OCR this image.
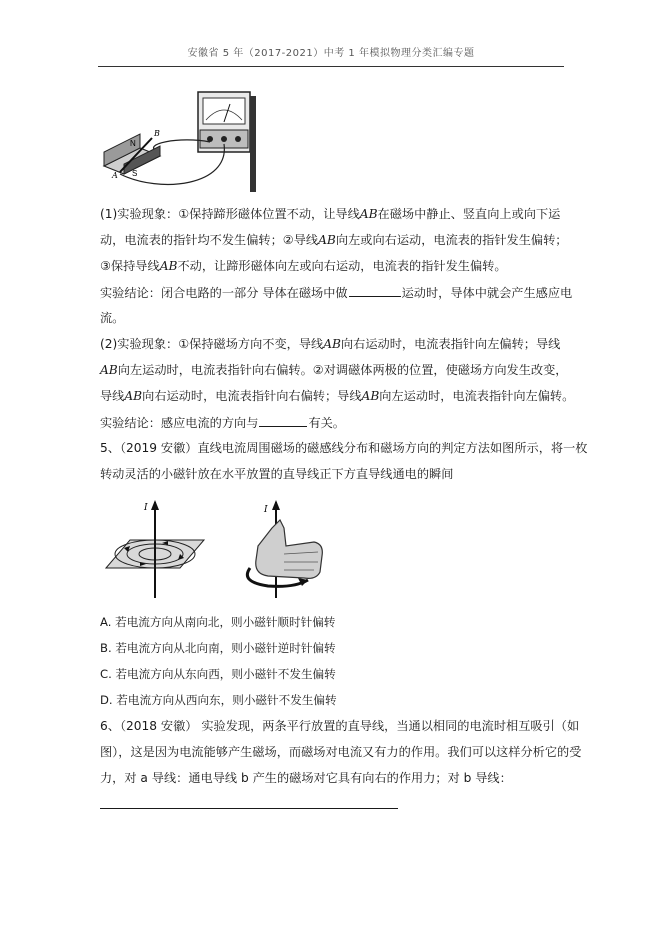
安徽省 5 年（2017-2021）中考 1 年模拟物理分类汇编专题
N
S
A
B
(1)实验现象：①保持蹄形磁体位置不动，让导线AB在磁场中静止、竖直向上或向下运
动，电流表的指针均不发生偏转；②导线AB向左或向右运动，电流表的指针发生偏转；
③保持导线AB不动，让蹄形磁体向左或向右运动，电流表的指针发生偏转。
实验结论：闭合电路的一部分 导体在磁场中做	运动时，导体中就会产生感应电
流。
(2)实验现象：①保持磁场方向不变，导线AB向右运动时，电流表指针向左偏转；导线
AB向左运动时，电流表指针向右偏转。②对调磁体两极的位置，使磁场方向发生改变，
导线AB向右运动时，电流表指针向右偏转；导线AB向左运动时，电流表指针向左偏转。
实验结论：感应电流的方向与	有关。
5、（2019 安徽）直线电流周围磁场的磁感线分布和磁场方向的判定方法如图所示，将一枚
转动灵活的小磁针放在水平放置的直导线正下方直导线通电的瞬间
I	I
A. 若电流方向从南向北，则小磁针顺时针偏转
B. 若电流方向从北向南，则小磁针逆时针偏转
C. 若电流方向从东向西，则小磁针不发生偏转
D. 若电流方向从西向东，则小磁针不发生偏转
6、（2018 安徽） 实验发现，两条平行放置的直导线，当通以相同的电流时相互吸引（如
图），这是因为电流能够产生磁场，而磁场对电流又有力的作用。我们可以这样分析它的受
力，对 a 导线：通电导线 b 产生的磁场对它具有向右的作用力；对 b 导线：
